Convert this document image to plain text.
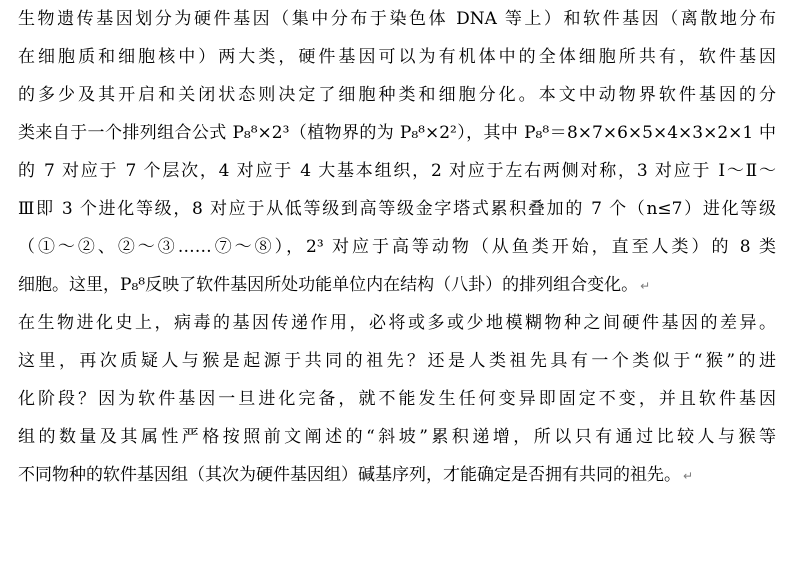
生物遗传基因划分为硬件基因（集中分布于染色体 DNA 等上）和软件基因（离散地分布
在细胞质和细胞核中）两大类，硬件基因可以为有机体中的全体细胞所共有，软件基因
的多少及其开启和关闭状态则决定了细胞种类和细胞分化。本文中动物界软件基因的分
类来自于一个排列组合公式 P₈⁸×2³（植物界的为 P₈⁸×2²），其中 P₈⁸＝8×7×6×5×4×3×2×1 中
的 7 对应于 7 个层次，4 对应于 4 大基本组织，2 对应于左右两侧对称，3 对应于 Ⅰ～Ⅱ～
Ⅲ即 3 个进化等级，8 对应于从低等级到高等级金字塔式累积叠加的 7 个（n≤7）进化等级
（①～②、②～③……⑦～⑧），2³ 对应于高等动物（从鱼类开始，直至人类）的 8 类
细胞。这里，P₈⁸反映了软件基因所处功能单位内在结构（八卦）的排列组合变化。 ↵
在生物进化史上，病毒的基因传递作用，必将或多或少地模糊物种之间硬件基因的差异。
这里，再次质疑人与猴是起源于共同的祖先？还是人类祖先具有一个类似于“猴”的进
化阶段？因为软件基因一旦进化完备，就不能发生任何变异即固定不变，并且软件基因
组的数量及其属性严格按照前文阐述的“斜坡”累积递增，所以只有通过比较人与猴等
不同物种的软件基因组（其次为硬件基因组）碱基序列，才能确定是否拥有共同的祖先。 ↵
